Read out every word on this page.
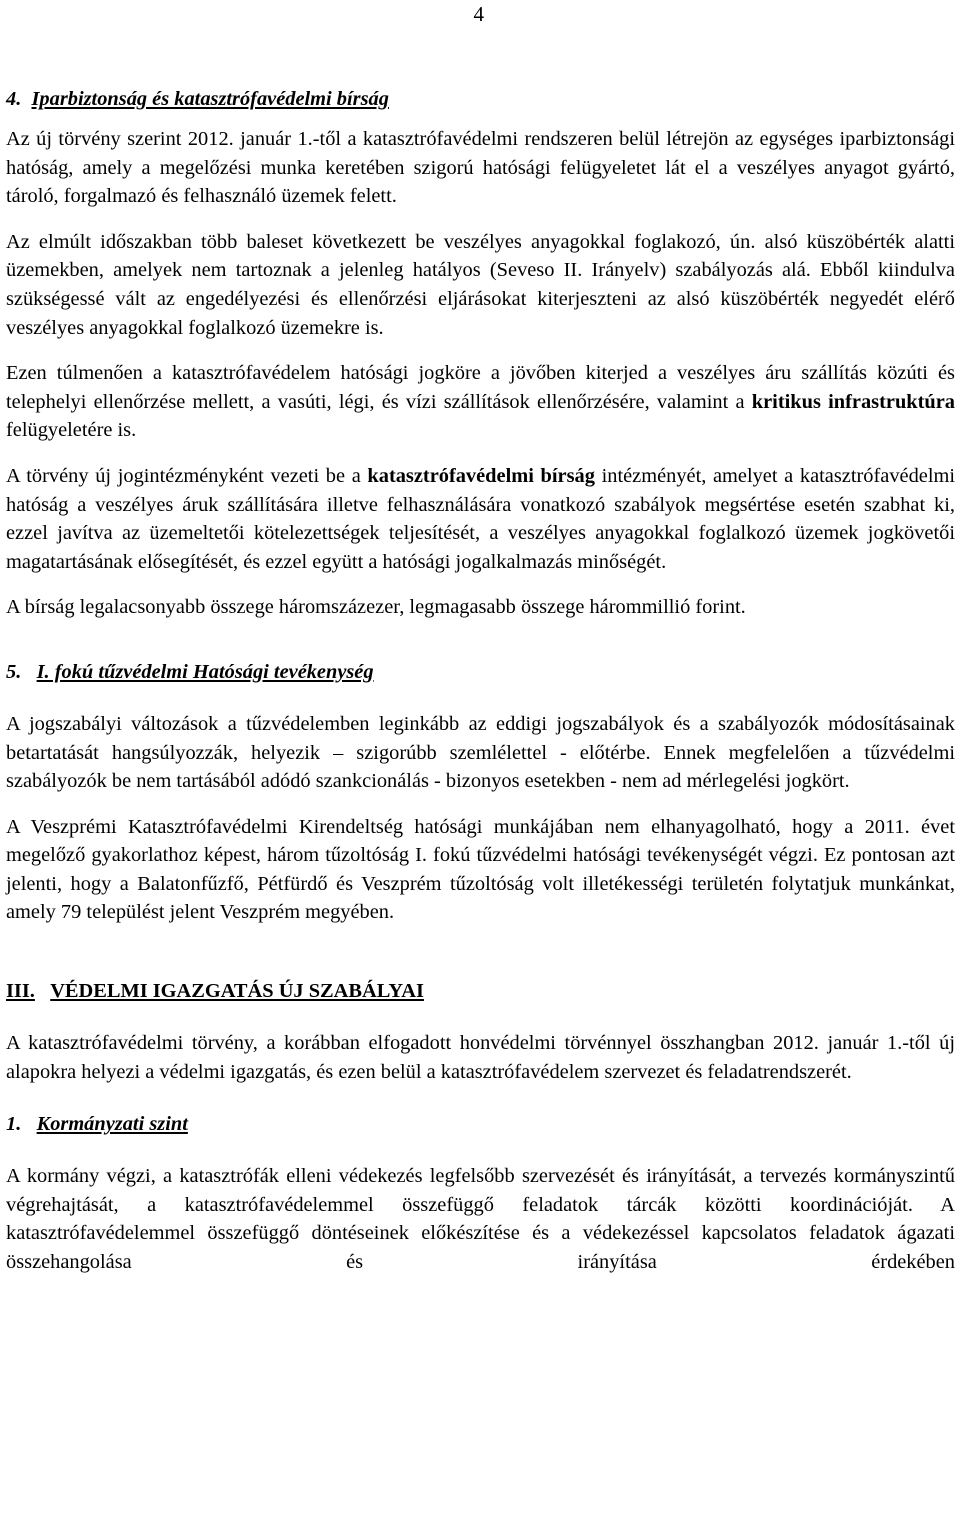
4
4. Iparbiztonság és katasztrófavédelmi bírság

Az új törvény szerint 2012. január 1.-től a katasztrófavédelmi rendszeren belül létrejön az egységes iparbiztonsági hatóság, amely a megelőzési munka keretében szigorú hatósági felügyeletet lát el a veszélyes anyagot gyártó, tároló, forgalmazó és felhasználó üzemek felett.

Az elmúlt időszakban több baleset következett be veszélyes anyagokkal foglakozó, ún. alsó küszöbérték alatti üzemekben, amelyek nem tartoznak a jelenleg hatályos (Seveso II. Irányelv) szabályozás alá. Ebből kiindulva szükségessé vált az engedélyezési és ellenőrzési eljárásokat kiterjeszteni az alsó küszöbérték negyedét elérő veszélyes anyagokkal foglalkozó üzemekre is.

Ezen túlmenően a katasztrófavédelem hatósági jogköre a jövőben kiterjed a veszélyes áru szállítás közúti és telephelyi ellenőrzése mellett, a vasúti, légi, és vízi szállítások ellenőrzésére, valamint a kritikus infrastruktúra felügyeletére is.

A törvény új jogintézményként vezeti be a katasztrófavédelmi bírság intézményét, amelyet a katasztrófavédelmi hatóság a veszélyes áruk szállítására illetve felhasználására vonatkozó szabályok megsértése esetén szabhat ki, ezzel javítva az üzemeltetői kötelezettségek teljesítését, a veszélyes anyagokkal foglalkozó üzemek jogkövetői magatartásának elősegítését, és ezzel együtt a hatósági jogalkalmazás minőségét.

A bírság legalacsonyabb összege háromszázezer, legmagasabb összege hárommillió forint.

5. I. fokú tűzvédelmi Hatósági tevékenység

A jogszabályi változások a tűzvédelemben leginkább az eddigi jogszabályok és a szabályozók módosításainak betartatását hangsúlyozzák, helyezik – szigorúbb szemlélettel - előtérbe. Ennek megfelelően a tűzvédelmi szabályozók be nem tartásából adódó szankcionálás - bizonyos esetekben - nem ad mérlegelési jogkört.

A Veszprémi Katasztrófavédelmi Kirendeltség hatósági munkájában nem elhanyagolható, hogy a 2011. évet megelőző gyakorlathoz képest, három tűzoltóság I. fokú tűzvédelmi hatósági tevékenységét végzi. Ez pontosan azt jelenti, hogy a Balatonfűzfő, Pétfürdő és Veszprém tűzoltóság volt illetékességi területén folytatjuk munkánkat, amely 79 települést jelent Veszprém megyében.

III. VÉDELMI IGAZGATÁS ÚJ SZABÁLYAI

A katasztrófavédelmi törvény, a korábban elfogadott honvédelmi törvénnyel összhangban 2012. január 1.-től új alapokra helyezi a védelmi igazgatás, és ezen belül a katasztrófavédelem szervezet és feladatrendszerét.

1. Kormányzati szint

A kormány végzi, a katasztrófák elleni védekezés legfelsőbb szervezését és irányítását, a tervezés kormányszintű végrehajtását, a katasztrófavédelemmel összefüggő feladatok tárcák közötti koordinációját. A katasztrófavédelemmel összefüggő döntéseinek előkészítése és a védekezéssel kapcsolatos feladatok ágazati összehangolása és irányítása érdekében
